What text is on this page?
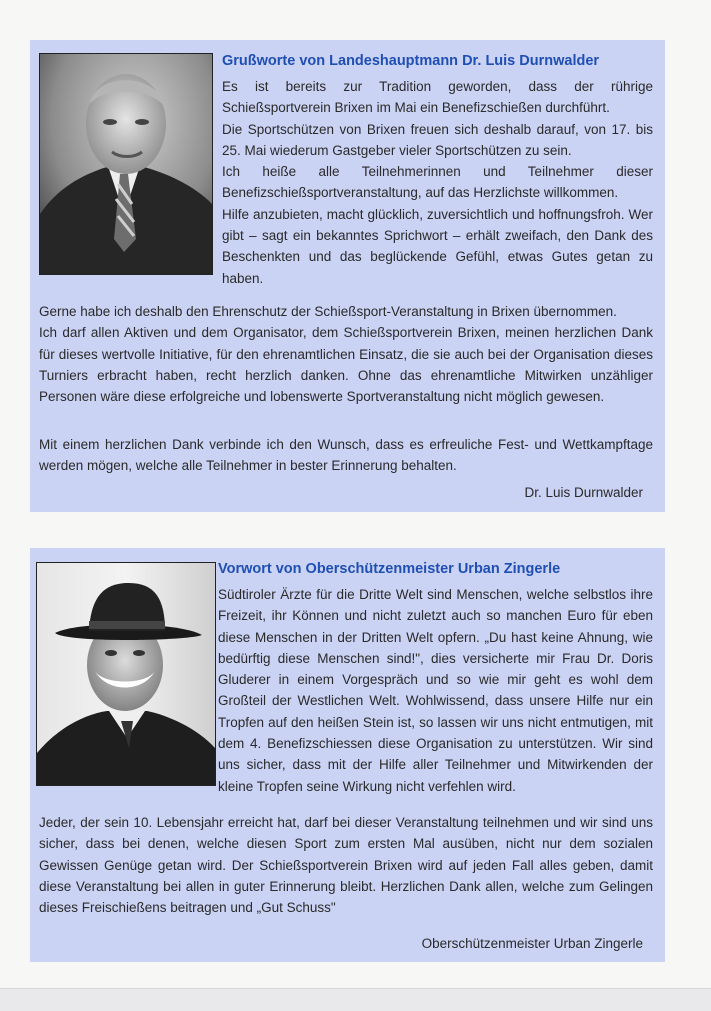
Grußworte von Landeshauptmann Dr. Luis Durnwalder

Es ist bereits zur Tradition geworden, dass der rührige Schießsportverein Brixen im Mai ein Benefizschießen durchführt.

Die Sportschützen von Brixen freuen sich deshalb darauf, von 17. bis 25. Mai wiederum Gastgeber vieler Sportschützen zu sein.

Ich heiße alle Teilnehmerinnen und Teilnehmer dieser Benefizschießsportveranstaltung, auf das Herzlichste willkommen.

Hilfe anzubieten, macht glücklich, zuversichtlich und hoffnungsfroh. Wer gibt – sagt ein bekanntes Sprichwort – erhält zweifach, den Dank des Beschenkten und das beglückende Gefühl, etwas Gutes getan zu haben.

Gerne habe ich deshalb den Ehrenschutz der Schießsport-Veranstaltung in Brixen übernommen.

Ich darf allen Aktiven und dem Organisator, dem Schießsportverein Brixen, meinen herzlichen Dank für dieses wertvolle Initiative, für den ehrenamtlichen Einsatz, die sie auch bei der Organisation dieses Turniers erbracht haben, recht herzlich danken. Ohne das ehrenamtliche Mitwirken unzähliger Personen wäre diese erfolgreiche und lobenswerte Sportveranstaltung nicht möglich gewesen.

Mit einem herzlichen Dank verbinde ich den Wunsch, dass es erfreuliche Fest- und Wettkampftage werden mögen, welche alle Teilnehmer in bester Erinnerung behalten.

Dr. Luis Durnwalder
Vorwort von Oberschützenmeister Urban Zingerle

Südtiroler Ärzte für die Dritte Welt sind Menschen, welche selbstlos ihre Freizeit, ihr Können und nicht zuletzt auch so manchen Euro für eben diese Menschen in der Dritten Welt opfern. „Du hast keine Ahnung, wie bedürftig diese Menschen sind!", dies versicherte mir Frau Dr. Doris Gluderer in einem Vorgespräch und so wie mir geht es wohl dem Großteil der Westlichen Welt. Wohlwissend, dass unsere Hilfe nur ein Tropfen auf den heißen Stein ist, so lassen wir uns nicht entmutigen, mit dem 4. Benefizschiessen diese Organisation zu unterstützen. Wir sind uns sicher, dass mit der Hilfe aller Teilnehmer und Mitwirkenden der kleine Tropfen seine Wirkung nicht verfehlen wird.

Jeder, der sein 10. Lebensjahr erreicht hat, darf bei dieser Veranstaltung teilnehmen und wir sind uns sicher, dass bei denen, welche diesen Sport zum ersten Mal ausüben, nicht nur dem sozialen Gewissen Genüge getan wird. Der Schießsportverein Brixen wird auf jeden Fall alles geben, damit diese Veranstaltung bei allen in guter Erinnerung bleibt. Herzlichen Dank allen, welche zum Gelingen dieses Freischießens beitragen und „Gut Schuss"

Oberschützenmeister Urban Zingerle
